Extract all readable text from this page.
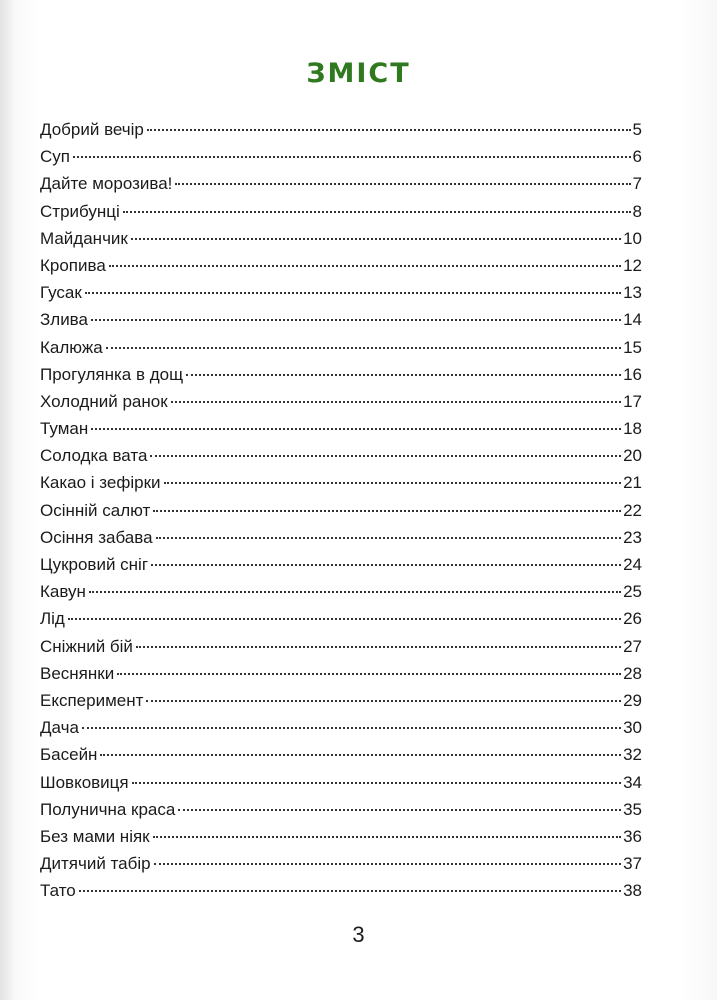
ЗМІСТ
Добрий вечір	5
Суп	6
Дайте морозива!	7
Стрибунці	8
Майданчик	10
Кропива	12
Гусак	13
Злива	14
Калюжа	15
Прогулянка в дощ	16
Холодний ранок	17
Туман	18
Солодка вата	20
Какао і зефірки	21
Осінній салют	22
Осіння забава	23
Цукровий сніг	24
Кавун	25
Лід	26
Сніжний бій	27
Веснянки	28
Експеримент	29
Дача	30
Басейн	32
Шовковиця	34
Полунична краса	35
Без мами ніяк	36
Дитячий табір	37
Тато	38
3
